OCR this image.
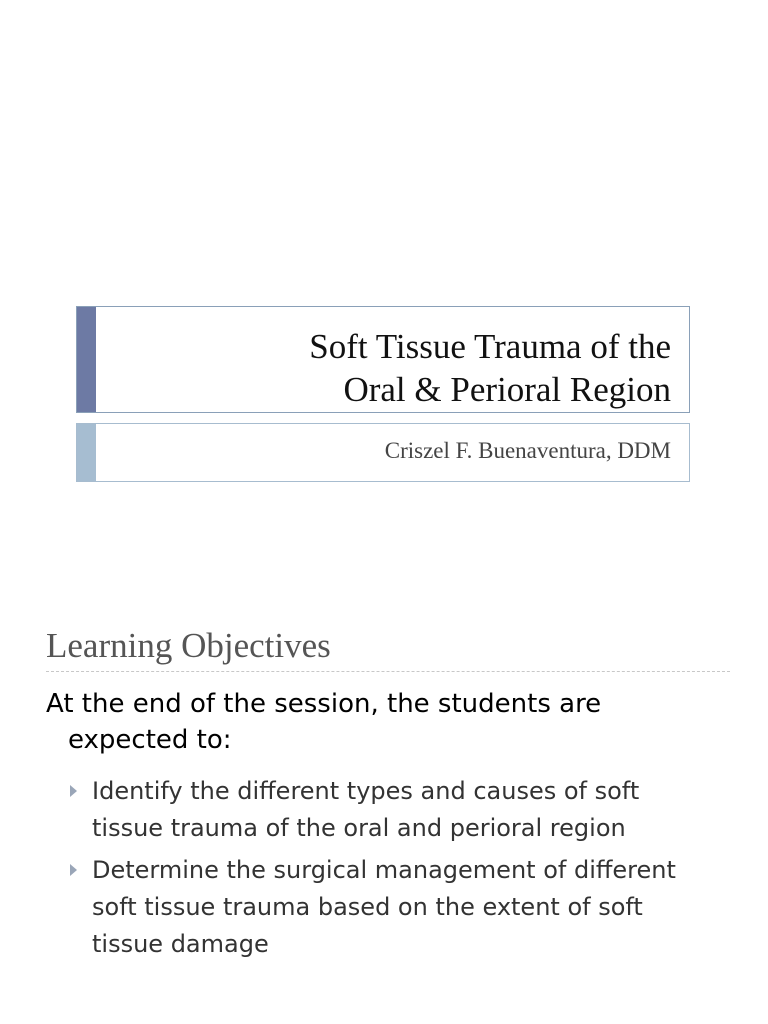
Soft Tissue Trauma of the
Oral & Perioral Region
Criszel F. Buenaventura, DDM
Learning Objectives
At the end of the session, the students are
expected to:
Identify the different types and causes of soft
tissue trauma of the oral and perioral region
Determine the surgical management of different
soft tissue trauma based on the extent of soft
tissue damage
